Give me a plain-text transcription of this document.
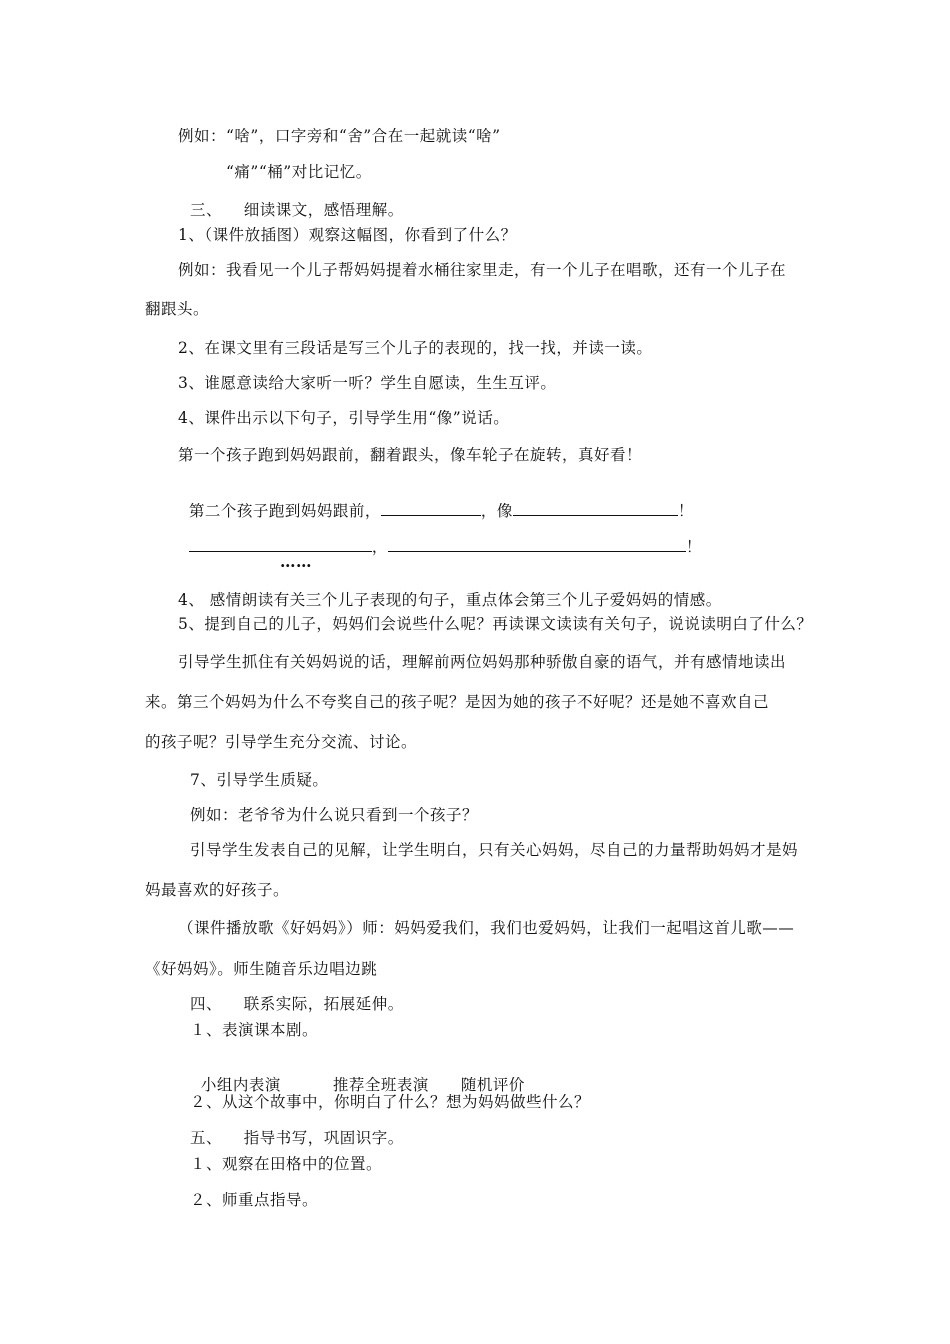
例如：“啥”，口字旁和“舍”合在一起就读“啥”
“痛”“桶”对比记忆。
三、    细读课文，感悟理解。
1、（课件放插图）观察这幅图，你看到了什么？
例如：我看见一个儿子帮妈妈提着水桶往家里走，有一个儿子在唱歌，还有一个儿子在
翻跟头。
2、在课文里有三段话是写三个儿子的表现的，找一找，并读一读。
3、谁愿意读给大家听一听？学生自愿读，生生互评。
4、课件出示以下句子，引导学生用“像”说话。
第一个孩子跑到妈妈跟前，翻着跟头，像车轮子在旋转，真好看！

第二个孩子跑到妈妈跟前，	，像	！

，	！

……
4、 感情朗读有关三个儿子表现的句子，重点体会第三个儿子爱妈妈的情感。
5、提到自己的儿子，妈妈们会说些什么呢？再读课文读读有关句子，说说读明白了什么？
引导学生抓住有关妈妈说的话，理解前两位妈妈那种骄傲自豪的语气，并有感情地读出
来。第三个妈妈为什么不夸奖自己的孩子呢？是因为她的孩子不好呢？还是她不喜欢自己
的孩子呢？引导学生充分交流、讨论。
7、引导学生质疑。
例如：老爷爷为什么说只看到一个孩子？
引导学生发表自己的见解，让学生明白，只有关心妈妈，尽自己的力量帮助妈妈才是妈
妈最喜欢的好孩子。
（课件播放歌《好妈妈》）师：妈妈爱我们，我们也爱妈妈，让我们一起唱这首儿歌——
《好妈妈》。师生随音乐边唱边跳
四、    联系实际，拓展延伸。
１、表演课本剧。

小组内表演	推荐全班表演 随机评价

２、从这个故事中，你明白了什么？想为妈妈做些什么？
五、    指导书写，巩固识字。
１、观察在田格中的位置。
２、师重点指导。
